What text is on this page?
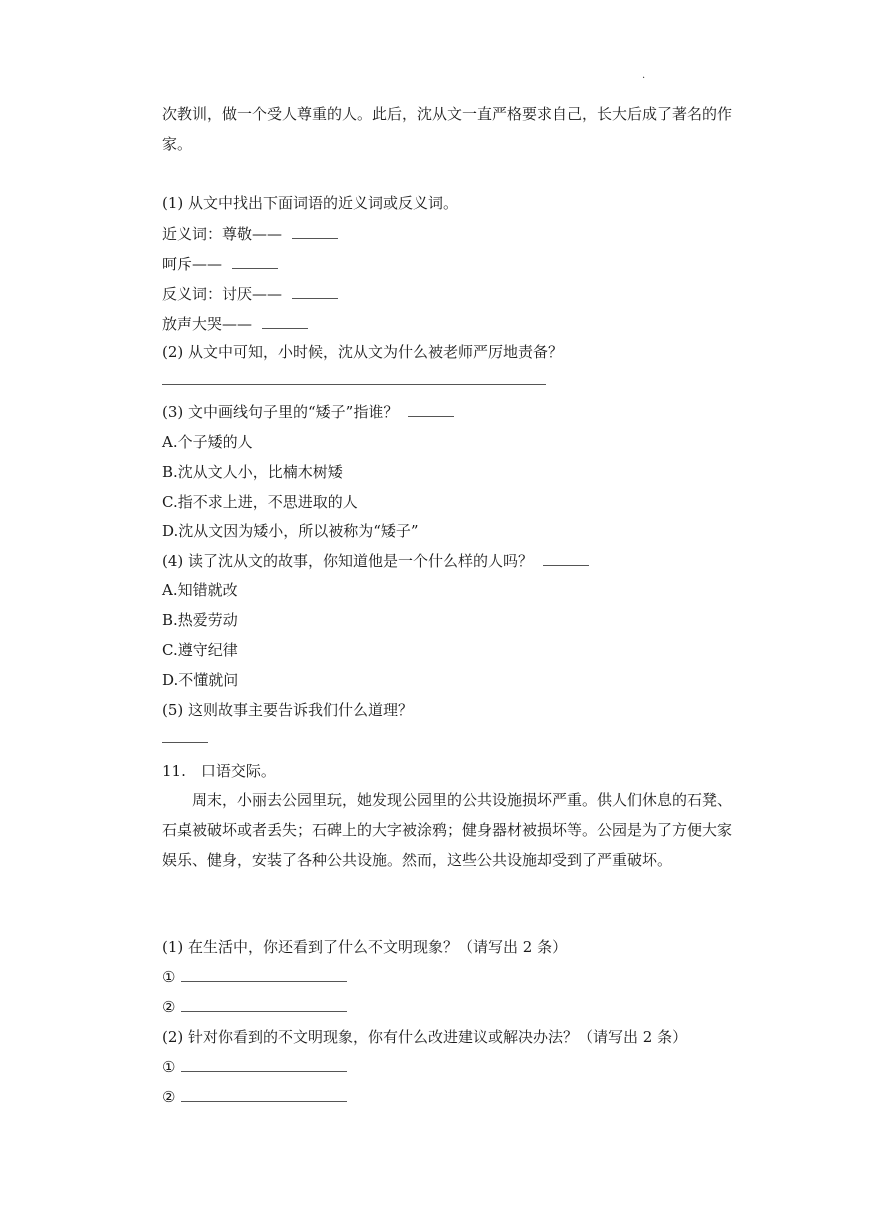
.
次教训，做一个受人尊重的人。此后，沈从文一直严格要求自己，长大后成了著名的作
家。
(1) 从文中找出下面词语的近义词或反义词。
近义词：尊敬——
呵斥——
反义词：讨厌——
放声大哭——
(2) 从文中可知，小时候，沈从文为什么被老师严厉地责备？
(3) 文中画线句子里的“矮子”指谁？
A.个子矮的人
B.沈从文人小，比楠木树矮
C.指不求上进，不思进取的人
D.沈从文因为矮小，所以被称为“矮子”
(4) 读了沈从文的故事，你知道他是一个什么样的人吗？
A.知错就改
B.热爱劳动
C.遵守纪律
D.不懂就问
(5) 这则故事主要告诉我们什么道理？
11.　口语交际。
周末，小丽去公园里玩，她发现公园里的公共设施损坏严重。供人们休息的石凳、石桌被破坏或者丢失；石碑上的大字被涂鸦；健身器材被损坏等。公园是为了方便大家娱乐、健身，安装了各种公共设施。然而，这些公共设施却受到了严重破坏。
(1) 在生活中，你还看到了什么不文明现象？（请写出 2 条）
①
②
(2) 针对你看到的不文明现象，你有什么改进建议或解决办法？（请写出 2 条）
①
②
